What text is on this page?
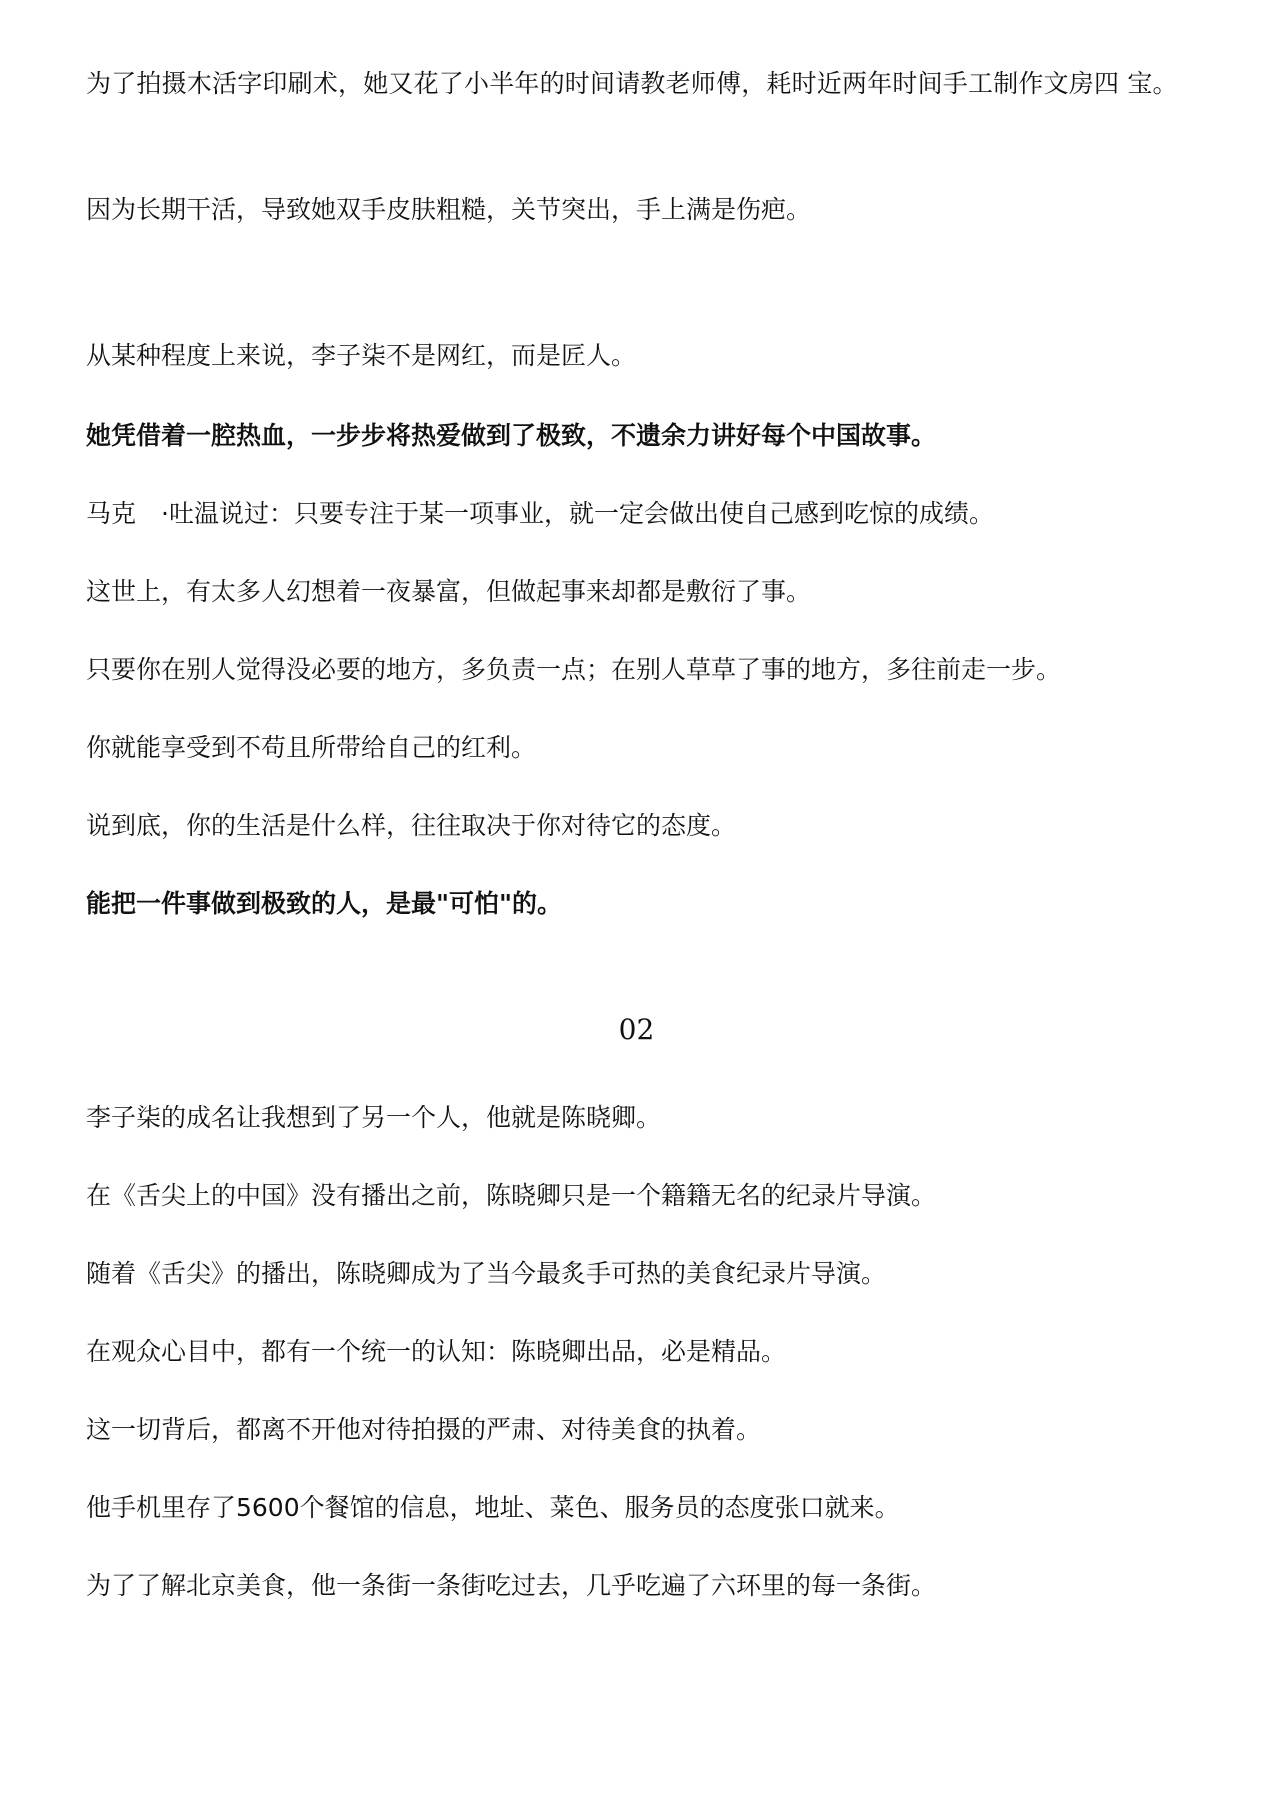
为了拍摄木活字印刷术，她又花了小半年的时间请教老师傅，耗时近两年时间手工制作文房四 宝。

因为长期干活，导致她双手皮肤粗糙，关节突出，手上满是伤疤。

从某种程度上来说，李子柒不是网红，而是匠人。

她凭借着一腔热血，一步步将热爱做到了极致，不遗余力讲好每个中国故事。

马克　·吐温说过：只要专注于某一项事业，就一定会做出使自己感到吃惊的成绩。

这世上，有太多人幻想着一夜暴富，但做起事来却都是敷衍了事。

只要你在别人觉得没必要的地方，多负责一点；在别人草草了事的地方，多往前走一步。

你就能享受到不苟且所带给自己的红利。

说到底，你的生活是什么样，往往取决于你对待它的态度。

能把一件事做到极致的人，是最"可怕"的。

02

李子柒的成名让我想到了另一个人，他就是陈晓卿。

在《舌尖上的中国》没有播出之前，陈晓卿只是一个籍籍无名的纪录片导演。

随着《舌尖》的播出，陈晓卿成为了当今最炙手可热的美食纪录片导演。

在观众心目中，都有一个统一的认知：陈晓卿出品，必是精品。

这一切背后，都离不开他对待拍摄的严肃、对待美食的执着。

他手机里存了5600个餐馆的信息，地址、菜色、服务员的态度张口就来。

为了了解北京美食，他一条街一条街吃过去，几乎吃遍了六环里的每一条街。
